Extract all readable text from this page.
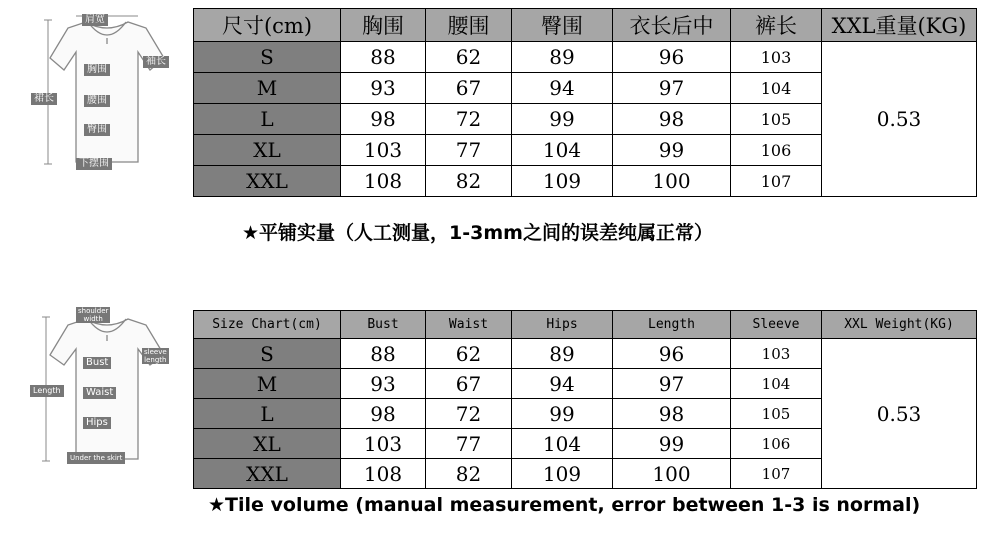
肩宽
袖长
裙长
胸围
腰围
臀围
下摆围
尺寸(cm)	胸围	腰围	臀围	衣长后中	裤长	XXL重量(KG)
S	88	62	89	96	103	0.53
M	93	67	94	97	104	
L	98	72	99	98	105	
XL	103	77	104	99	106	
XXL	108	82	109	100	107	
★平铺实量（人工测量，1-3mm之间的误差纯属正常）
shoulder
width
sleeve
length
Length
Bust
Waist
Hips
Under the skirt
Size Chart(cm)	Bust	Waist	Hips	Length	Sleeve	XXL Weight(KG)
S	88	62	89	96	103	0.53
M	93	67	94	97	104	
L	98	72	99	98	105	
XL	103	77	104	99	106	
XXL	108	82	109	100	107	
★Tile volume (manual measurement, error between 1-3 is normal)
